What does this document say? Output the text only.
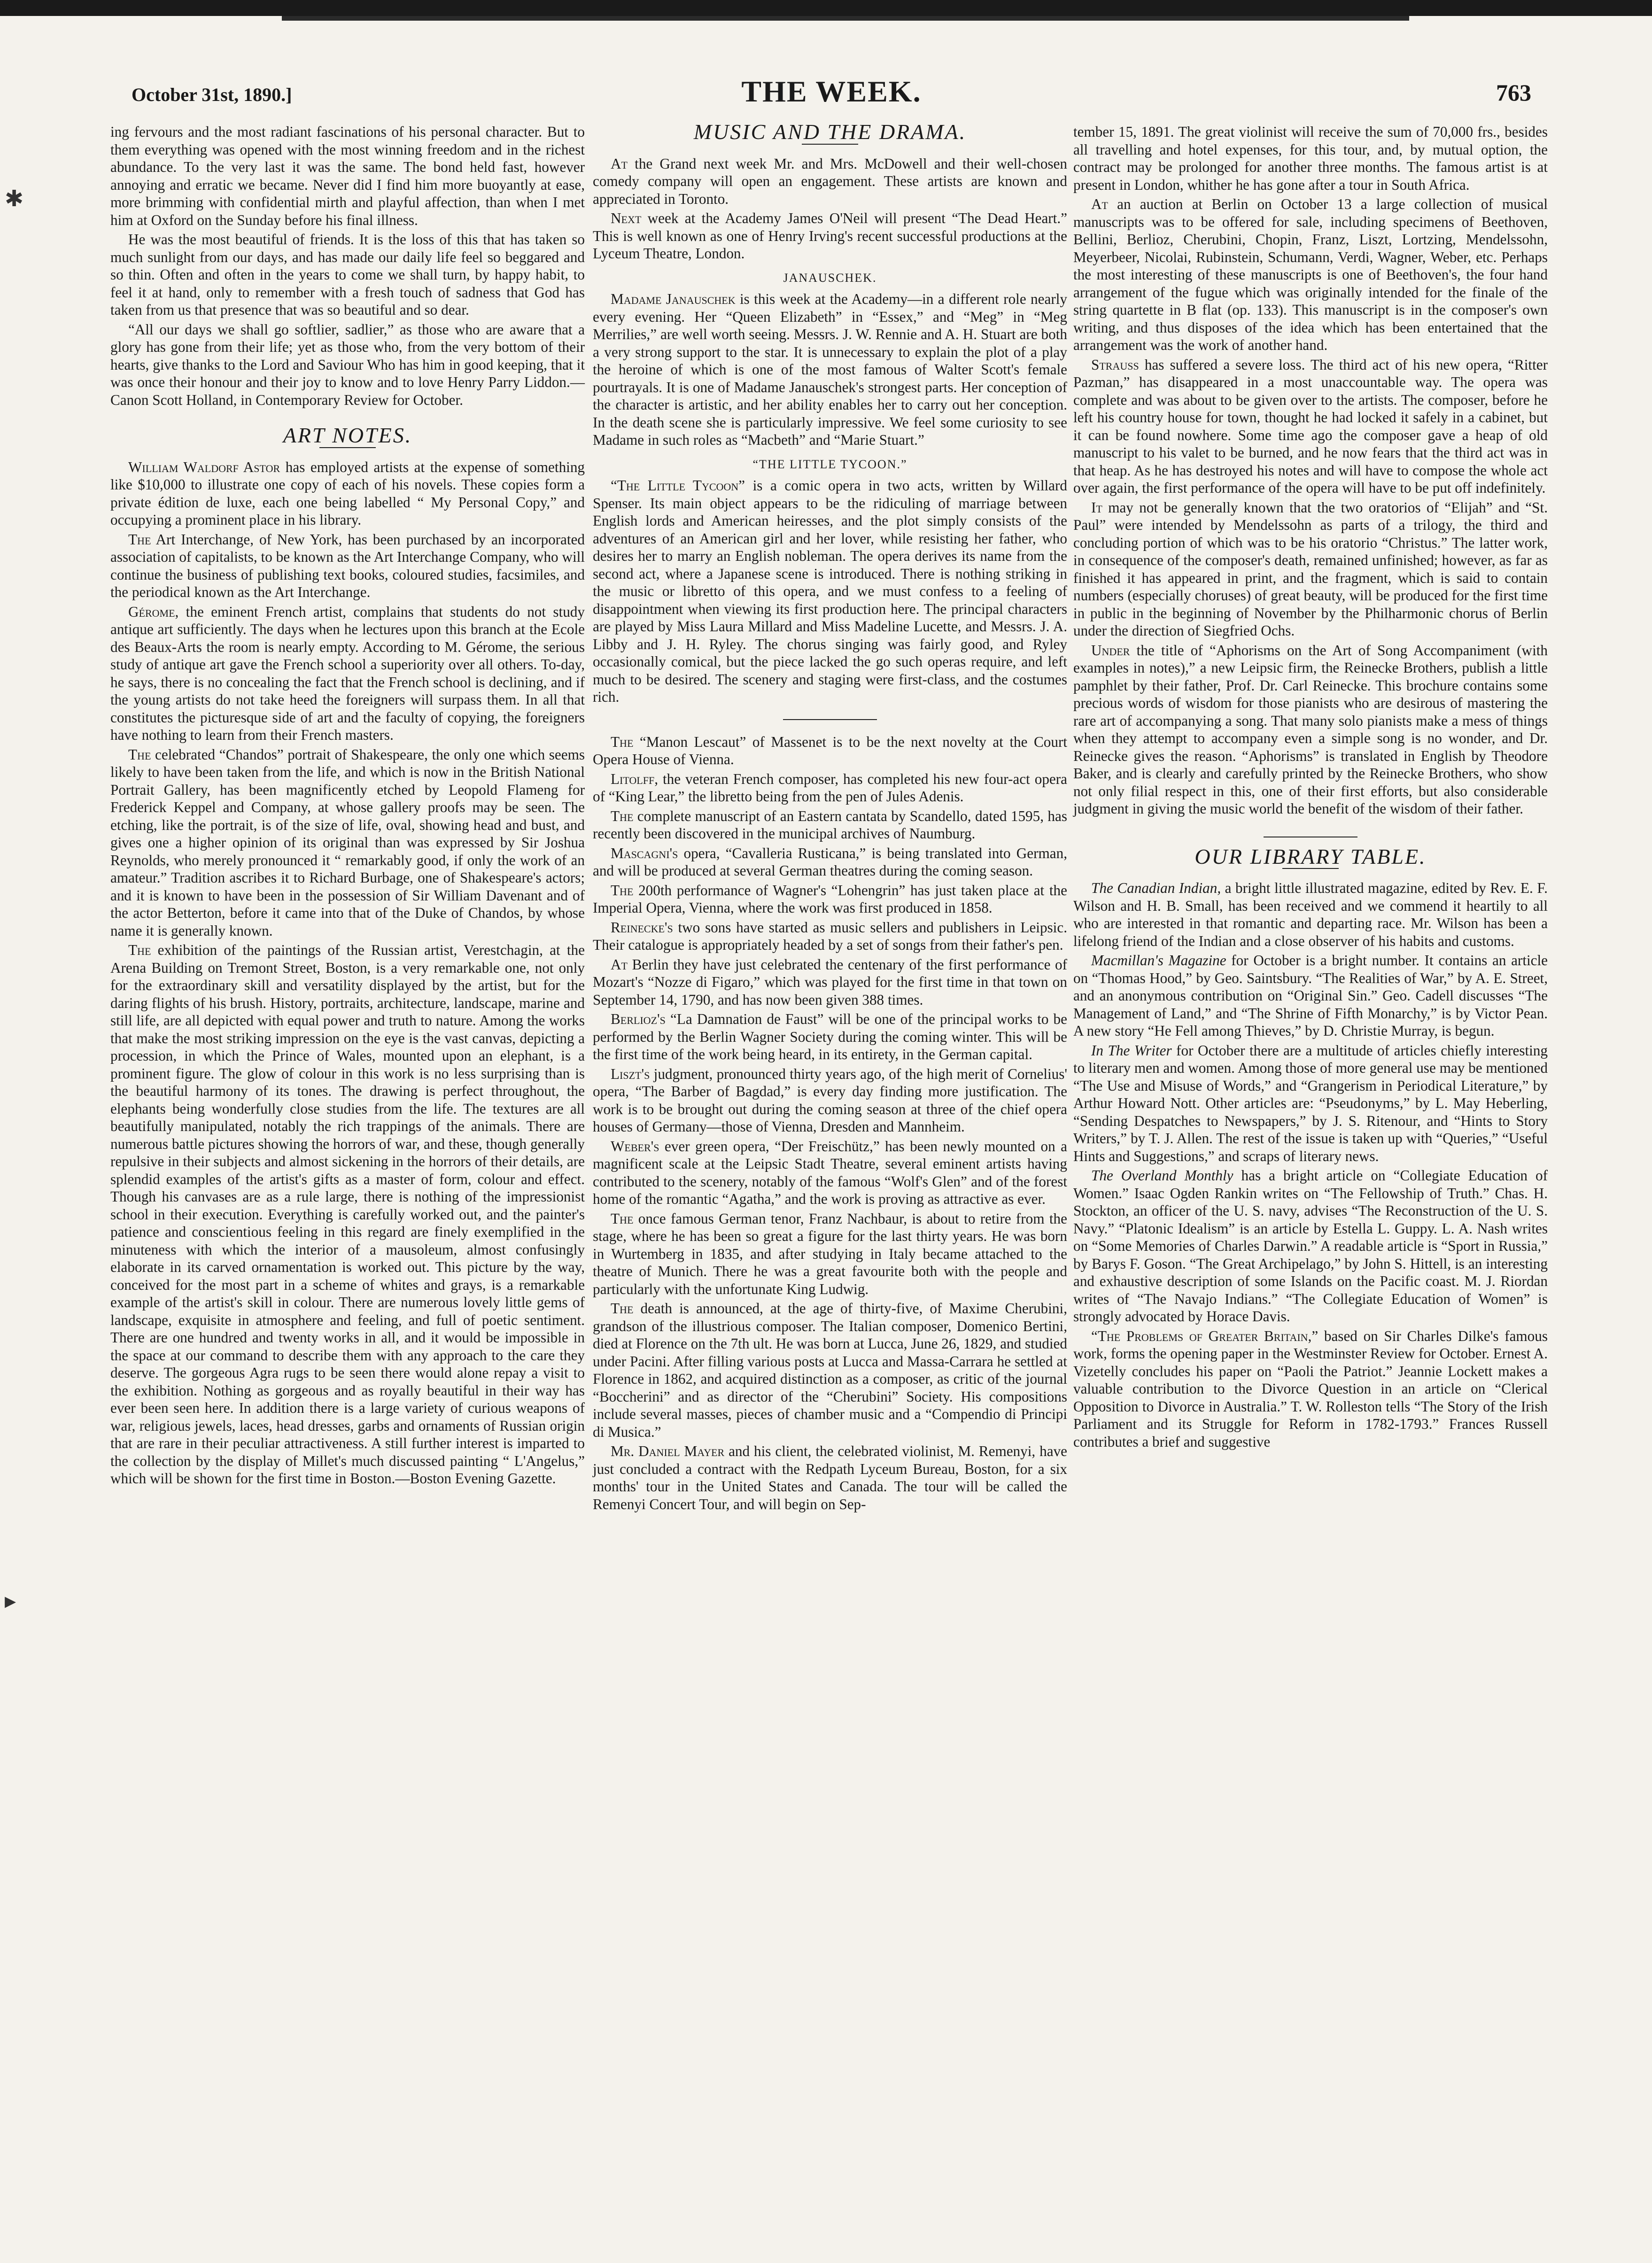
October 31st, 1890.]	THE WEEK.	763
✱
▸

ing fervours and the most radiant fascinations of his personal character. But to them everything was opened with the most winning freedom and in the richest abundance. To the very last it was the same. The bond held fast, however annoying and erratic we became. Never did I find him more buoyantly at ease, more brimming with confidential mirth and playful affection, than when I met him at Oxford on the Sunday before his final illness.

He was the most beautiful of friends. It is the loss of this that has taken so much sunlight from our days, and has made our daily life feel so beggared and so thin. Often and often in the years to come we shall turn, by happy habit, to feel it at hand, only to remember with a fresh touch of sadness that God has taken from us that presence that was so beautiful and so dear.

“All our days we shall go softlier, sadlier,” as those who are aware that a glory has gone from their life; yet as those who, from the very bottom of their hearts, give thanks to the Lord and Saviour Who has him in good keeping, that it was once their honour and their joy to know and to love Henry Parry Liddon.—Canon Scott Holland, in Contemporary Review for October.

ART NOTES.

William Waldorf Astor has employed artists at the expense of something like $10,000 to illustrate one copy of each of his novels. These copies form a private édition de luxe, each one being labelled “ My Personal Copy,” and occupying a prominent place in his library.

The Art Interchange, of New York, has been purchased by an incorporated association of capitalists, to be known as the Art Interchange Company, who will continue the business of publishing text books, coloured studies, facsimiles, and the periodical known as the Art Interchange.

Gérome, the eminent French artist, complains that students do not study antique art sufficiently. The days when he lectures upon this branch at the Ecole des Beaux-Arts the room is nearly empty. According to M. Gérome, the serious study of antique art gave the French school a superiority over all others. To-day, he says, there is no concealing the fact that the French school is declining, and if the young artists do not take heed the foreigners will surpass them. In all that constitutes the picturesque side of art and the faculty of copying, the foreigners have nothing to learn from their French masters.

The celebrated “Chandos” portrait of Shakespeare, the only one which seems likely to have been taken from the life, and which is now in the British National Portrait Gallery, has been magnificently etched by Leopold Flameng for Frederick Keppel and Company, at whose gallery proofs may be seen. The etching, like the portrait, is of the size of life, oval, showing head and bust, and gives one a higher opinion of its original than was expressed by Sir Joshua Reynolds, who merely pronounced it “ remarkably good, if only the work of an amateur.” Tradition ascribes it to Richard Burbage, one of Shakespeare's actors; and it is known to have been in the possession of Sir William Davenant and of the actor Betterton, before it came into that of the Duke of Chandos, by whose name it is generally known.

The exhibition of the paintings of the Russian artist, Verestchagin, at the Arena Building on Tremont Street, Boston, is a very remarkable one, not only for the extraordinary skill and versatility displayed by the artist, but for the daring flights of his brush. History, portraits, architecture, landscape, marine and still life, are all depicted with equal power and truth to nature. Among the works that make the most striking impression on the eye is the vast canvas, depicting a procession, in which the Prince of Wales, mounted upon an elephant, is a prominent figure. The glow of colour in this work is no less surprising than is the beautiful harmony of its tones. The drawing is perfect throughout, the elephants being wonderfully close studies from the life. The textures are all beautifully manipulated, notably the rich trappings of the animals. There are numerous battle pictures showing the horrors of war, and these, though generally repulsive in their subjects and almost sickening in the horrors of their details, are splendid examples of the artist's gifts as a master of form, colour and effect. Though his canvases are as a rule large, there is nothing of the impressionist school in their execution. Everything is carefully worked out, and the painter's patience and conscientious feeling in this regard are finely exemplified in the minuteness with which the interior of a mausoleum, almost confusingly elaborate in its carved ornamentation is worked out. This picture by the way, conceived for the most part in a scheme of whites and grays, is a remarkable example of the artist's skill in colour. There are numerous lovely little gems of landscape, exquisite in atmosphere and feeling, and full of poetic sentiment. There are one hundred and twenty works in all, and it would be impossible in the space at our command to describe them with any approach to the care they deserve. The gorgeous Agra rugs to be seen there would alone repay a visit to the exhibition. Nothing as gorgeous and as royally beautiful in their way has ever been seen here. In addition there is a large variety of curious weapons of war, religious jewels, laces, head dresses, garbs and ornaments of Russian origin that are rare in their peculiar attractiveness. A still further interest is imparted to the collection by the display of Millet's much discussed painting “ L'Angelus,” which will be shown for the first time in Boston.—Boston Evening Gazette.

MUSIC AND THE DRAMA.

At the Grand next week Mr. and Mrs. McDowell and their well-chosen comedy company will open an engagement. These artists are known and appreciated in Toronto.

Next week at the Academy James O'Neil will present “The Dead Heart.” This is well known as one of Henry Irving's recent successful productions at the Lyceum Theatre, London.

JANAUSCHEK.

Madame Janauschek is this week at the Academy—in a different role nearly every evening. Her “Queen Elizabeth” in “Essex,” and “Meg” in “Meg Merrilies,” are well worth seeing. Messrs. J. W. Rennie and A. H. Stuart are both a very strong support to the star. It is unnecessary to explain the plot of a play the heroine of which is one of the most famous of Walter Scott's female pourtrayals. It is one of Madame Janauschek's strongest parts. Her conception of the character is artistic, and her ability enables her to carry out her conception. In the death scene she is particularly impressive. We feel some curiosity to see Madame in such roles as “Macbeth” and “Marie Stuart.”

“THE LITTLE TYCOON.”

“The Little Tycoon” is a comic opera in two acts, written by Willard Spenser. Its main object appears to be the ridiculing of marriage between English lords and American heiresses, and the plot simply consists of the adventures of an American girl and her lover, while resisting her father, who desires her to marry an English nobleman. The opera derives its name from the second act, where a Japanese scene is introduced. There is nothing striking in the music or libretto of this opera, and we must confess to a feeling of disappointment when viewing its first production here. The principal characters are played by Miss Laura Millard and Miss Madeline Lucette, and Messrs. J. A. Libby and J. H. Ryley. The chorus singing was fairly good, and Ryley occasionally comical, but the piece lacked the go such operas require, and left much to be desired. The scenery and staging were first-class, and the costumes rich.

The “Manon Lescaut” of Massenet is to be the next novelty at the Court Opera House of Vienna.

Litolff, the veteran French composer, has completed his new four-act opera of “King Lear,” the libretto being from the pen of Jules Adenis.

The complete manuscript of an Eastern cantata by Scandello, dated 1595, has recently been discovered in the municipal archives of Naumburg.

Mascagni's opera, “Cavalleria Rusticana,” is being translated into German, and will be produced at several German theatres during the coming season.

The 200th performance of Wagner's “Lohengrin” has just taken place at the Imperial Opera, Vienna, where the work was first produced in 1858.

Reinecke's two sons have started as music sellers and publishers in Leipsic. Their catalogue is appropriately headed by a set of songs from their father's pen.

At Berlin they have just celebrated the centenary of the first performance of Mozart's “Nozze di Figaro,” which was played for the first time in that town on September 14, 1790, and has now been given 388 times.

Berlioz's “La Damnation de Faust” will be one of the principal works to be performed by the Berlin Wagner Society during the coming winter. This will be the first time of the work being heard, in its entirety, in the German capital.

Liszt's judgment, pronounced thirty years ago, of the high merit of Cornelius' opera, “The Barber of Bagdad,” is every day finding more justification. The work is to be brought out during the coming season at three of the chief opera houses of Germany—those of Vienna, Dresden and Mannheim.

Weber's ever green opera, “Der Freischütz,” has been newly mounted on a magnificent scale at the Leipsic Stadt Theatre, several eminent artists having contributed to the scenery, notably of the famous “Wolf's Glen” and of the forest home of the romantic “Agatha,” and the work is proving as attractive as ever.

The once famous German tenor, Franz Nachbaur, is about to retire from the stage, where he has been so great a figure for the last thirty years. He was born in Wurtemberg in 1835, and after studying in Italy became attached to the theatre of Munich. There he was a great favourite both with the people and particularly with the unfortunate King Ludwig.

The death is announced, at the age of thirty-five, of Maxime Cherubini, grandson of the illustrious composer. The Italian composer, Domenico Bertini, died at Florence on the 7th ult. He was born at Lucca, June 26, 1829, and studied under Pacini. After filling various posts at Lucca and Massa-Carrara he settled at Florence in 1862, and acquired distinction as a composer, as critic of the journal “Boccherini” and as director of the “Cherubini” Society. His compositions include several masses, pieces of chamber music and a “Compendio di Principi di Musica.”

Mr. Daniel Mayer and his client, the celebrated violinist, M. Remenyi, have just concluded a contract with the Redpath Lyceum Bureau, Boston, for a six months' tour in the United States and Canada. The tour will be called the Remenyi Concert Tour, and will begin on Sep-

tember 15, 1891. The great violinist will receive the sum of 70,000 frs., besides all travelling and hotel expenses, for this tour, and, by mutual option, the contract may be prolonged for another three months. The famous artist is at present in London, whither he has gone after a tour in South Africa.

At an auction at Berlin on October 13 a large collection of musical manuscripts was to be offered for sale, including specimens of Beethoven, Bellini, Berlioz, Cherubini, Chopin, Franz, Liszt, Lortzing, Mendelssohn, Meyerbeer, Nicolai, Rubinstein, Schumann, Verdi, Wagner, Weber, etc. Perhaps the most interesting of these manuscripts is one of Beethoven's, the four hand arrangement of the fugue which was originally intended for the finale of the string quartette in B flat (op. 133). This manuscript is in the composer's own writing, and thus disposes of the idea which has been entertained that the arrangement was the work of another hand.

Strauss has suffered a severe loss. The third act of his new opera, “Ritter Pazman,” has disappeared in a most unaccountable way. The opera was complete and was about to be given over to the artists. The composer, before he left his country house for town, thought he had locked it safely in a cabinet, but it can be found nowhere. Some time ago the composer gave a heap of old manuscript to his valet to be burned, and he now fears that the third act was in that heap. As he has destroyed his notes and will have to compose the whole act over again, the first performance of the opera will have to be put off indefinitely.

It may not be generally known that the two oratorios of “Elijah” and “St. Paul” were intended by Mendelssohn as parts of a trilogy, the third and concluding portion of which was to be his oratorio “Christus.” The latter work, in consequence of the composer's death, remained unfinished; however, as far as finished it has appeared in print, and the fragment, which is said to contain numbers (especially choruses) of great beauty, will be produced for the first time in public in the beginning of November by the Philharmonic chorus of Berlin under the direction of Siegfried Ochs.

Under the title of “Aphorisms on the Art of Song Accompaniment (with examples in notes),” a new Leipsic firm, the Reinecke Brothers, publish a little pamphlet by their father, Prof. Dr. Carl Reinecke. This brochure contains some precious words of wisdom for those pianists who are desirous of mastering the rare art of accompanying a song. That many solo pianists make a mess of things when they attempt to accompany even a simple song is no wonder, and Dr. Reinecke gives the reason. “Aphorisms” is translated in English by Theodore Baker, and is clearly and carefully printed by the Reinecke Brothers, who show not only filial respect in this, one of their first efforts, but also considerable judgment in giving the music world the benefit of the wisdom of their father.

OUR LIBRARY TABLE.

The Canadian Indian, a bright little illustrated magazine, edited by Rev. E. F. Wilson and H. B. Small, has been received and we commend it heartily to all who are interested in that romantic and departing race. Mr. Wilson has been a lifelong friend of the Indian and a close observer of his habits and customs.

Macmillan's Magazine for October is a bright number. It contains an article on “Thomas Hood,” by Geo. Saintsbury. “The Realities of War,” by A. E. Street, and an anonymous contribution on “Original Sin.” Geo. Cadell discusses “The Management of Land,” and “The Shrine of Fifth Monarchy,” is by Victor Pean. A new story “He Fell among Thieves,” by D. Christie Murray, is begun.

In The Writer for October there are a multitude of articles chiefly interesting to literary men and women. Among those of more general use may be mentioned “The Use and Misuse of Words,” and “Grangerism in Periodical Literature,” by Arthur Howard Nott. Other articles are: “Pseudonyms,” by L. May Heberling, “Sending Despatches to Newspapers,” by J. S. Ritenour, and “Hints to Story Writers,” by T. J. Allen. The rest of the issue is taken up with “Queries,” “Useful Hints and Suggestions,” and scraps of literary news.

The Overland Monthly has a bright article on “Collegiate Education of Women.” Isaac Ogden Rankin writes on “The Fellowship of Truth.” Chas. H. Stockton, an officer of the U. S. navy, advises “The Reconstruction of the U. S. Navy.” “Platonic Idealism” is an article by Estella L. Guppy. L. A. Nash writes on “Some Memories of Charles Darwin.” A readable article is “Sport in Russia,” by Barys F. Goson. “The Great Archipelago,” by John S. Hittell, is an interesting and exhaustive description of some Islands on the Pacific coast. M. J. Riordan writes of “The Navajo Indians.” “The Collegiate Education of Women” is strongly advocated by Horace Davis.

“The Problems of Greater Britain,” based on Sir Charles Dilke's famous work, forms the opening paper in the Westminster Review for October. Ernest A. Vizetelly concludes his paper on “Paoli the Patriot.” Jeannie Lockett makes a valuable contribution to the Divorce Question in an article on “Clerical Opposition to Divorce in Australia.” T. W. Rolleston tells “The Story of the Irish Parliament and its Struggle for Reform in 1782-1793.” Frances Russell contributes a brief and suggestive
